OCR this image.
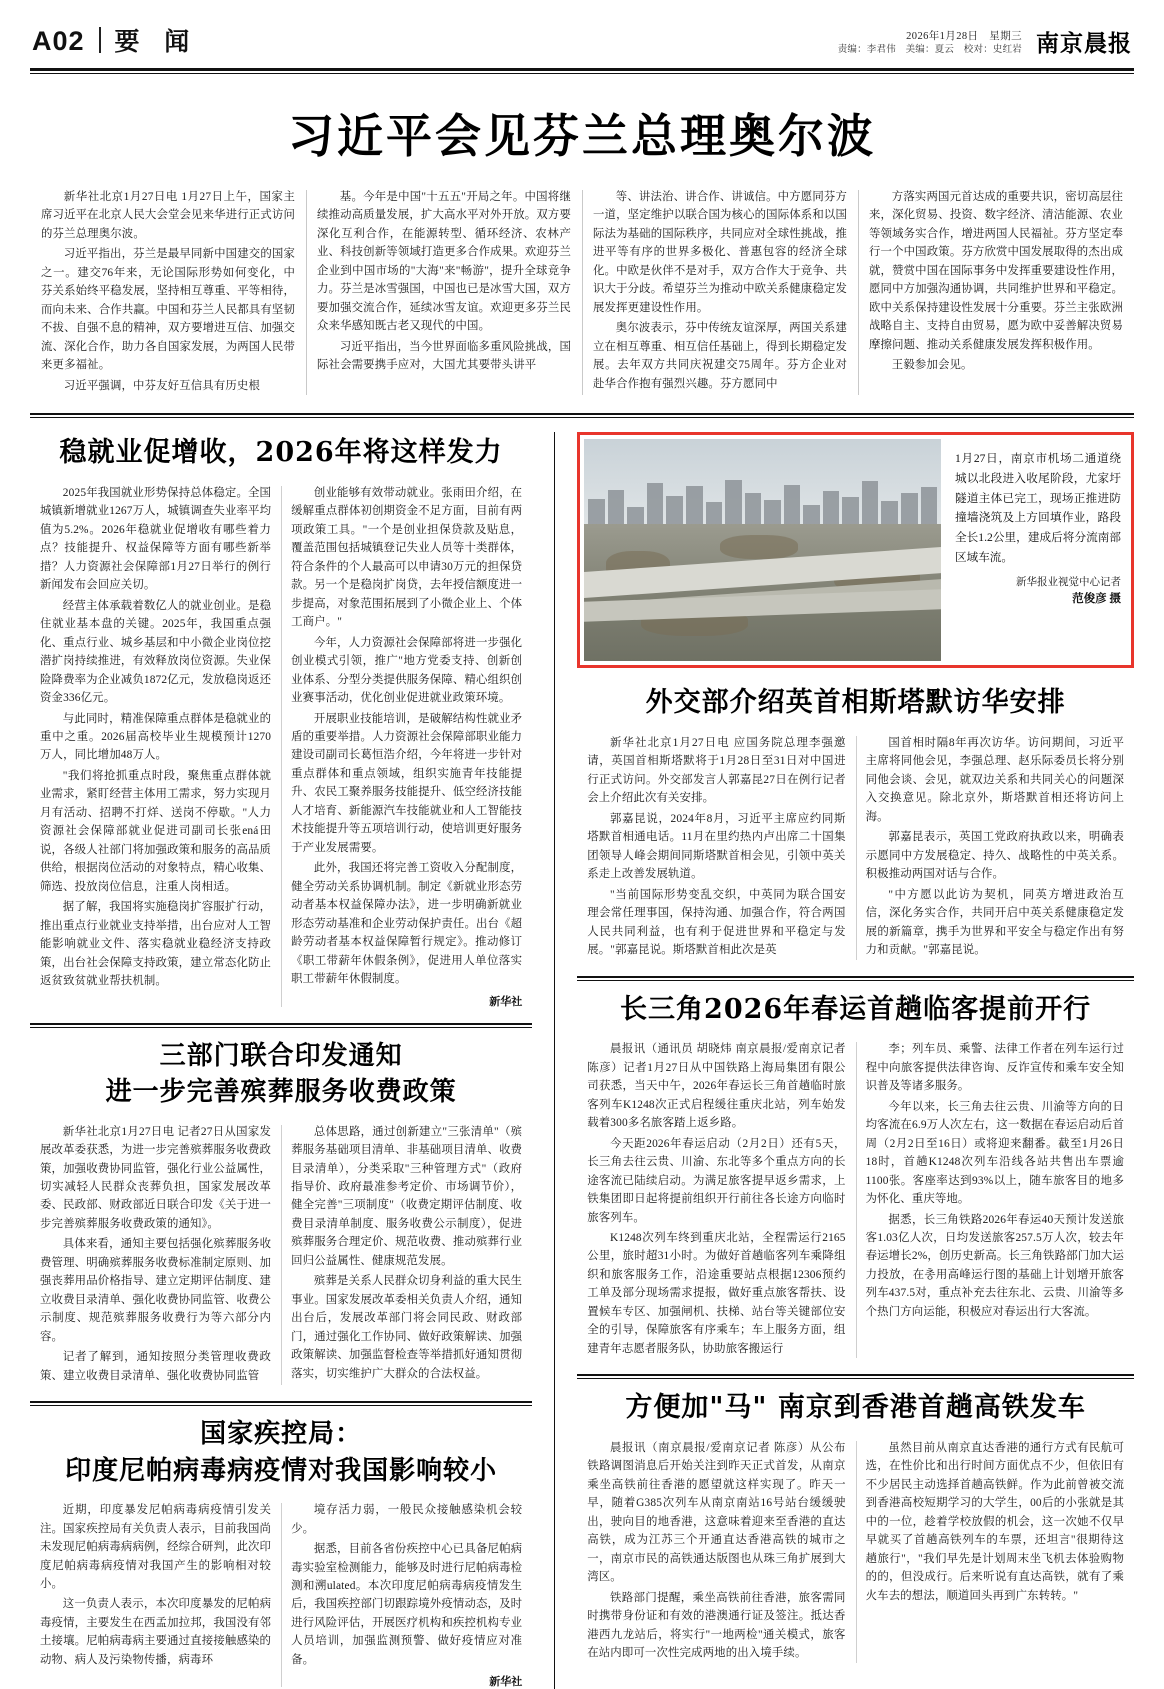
A02 要 闻	2026年1月28日　星期三
责编：李君伟　美编：夏云　校对：史红岩 南京晨报
习近平会见芬兰总理奥尔波

新华社北京1月27日电 1月27日上午，国家主席习近平在北京人民大会堂会见来华进行正式访问的芬兰总理奥尔波。

习近平指出，芬兰是最早同新中国建交的国家之一。建交76年来，无论国际形势如何变化，中芬关系始终平稳发展，坚持相互尊重、平等相待，而向未来、合作共赢。中国和芬兰人民都具有坚韧不拔、自强不息的精神，双方要增进互信、加强交流、深化合作，助力各自国家发展，为两国人民带来更多福祉。

习近平强调，中芬友好互信具有历史根

基。今年是中国"十五五"开局之年。中国将继续推动高质量发展，扩大高水平对外开放。双方要深化互利合作，在能源转型、循环经济、农林产业、科技创新等领域打造更多合作成果。欢迎芬兰企业到中国市场的"大海"来"畅游"，提升全球竞争力。芬兰是冰雪强国，中国也已是冰雪大国，双方要加强交流合作，延续冰雪友谊。欢迎更多芬兰民众来华感知既古老又现代的中国。

习近平指出，当今世界面临多重风险挑战，国际社会需要携手应对，大国尤其要带头讲平

等、讲法治、讲合作、讲诚信。中方愿同芬方一道，坚定维护以联合国为核心的国际体系和以国际法为基础的国际秩序，共同应对全球性挑战，推进平等有序的世界多极化、普惠包容的经济全球化。中欧是伙伴不是对手，双方合作大于竞争、共识大于分歧。希望芬兰为推动中欧关系健康稳定发展发挥更建设性作用。

奥尔波表示，芬中传统友谊深厚，两国关系建立在相互尊重、相互信任基础上，得到长期稳定发展。去年双方共同庆祝建交75周年。芬方企业对赴华合作抱有强烈兴趣。芬方愿同中

方落实两国元首达成的重要共识，密切高层往来，深化贸易、投资、数字经济、清洁能源、农业等领域务实合作，增进两国人民福祉。芬方坚定奉行一个中国政策。芬方欣赏中国发展取得的杰出成就，赞赏中国在国际事务中发挥重要建设性作用，愿同中方加强沟通协调，共同维护世界和平稳定。欧中关系保持建设性发展十分重要。芬兰主张欧洲战略自主、支持自由贸易，愿为欧中妥善解决贸易摩擦问题、推动关系健康发展发挥积极作用。

王毅参加会见。

稳就业促增收，2026年将这样发力

2025年我国就业形势保持总体稳定。全国城镇新增就业1267万人，城镇调查失业率平均值为5.2%。2026年稳就业促增收有哪些着力点？技能提升、权益保障等方面有哪些新举措？人力资源社会保障部1月27日举行的例行新闻发布会回应关切。

经营主体承载着数亿人的就业创业。是稳住就业基本盘的关键。2025年，我国重点强化、重点行业、城乡基层和中小微企业岗位挖潜扩岗持续推进，有效释放岗位资源。失业保险降费率为企业减负1872亿元，发放稳岗返还资金336亿元。

与此同时，精准保障重点群体是稳就业的重中之重。2026届高校毕业生规模预计1270万人，同比增加48万人。

"我们将抢抓重点时段，聚焦重点群体就业需求，紧盯经营主体用工需求，努力实现月月有活动、招聘不打烊、送岗不停歇。"人力资源社会保障部就业促进司副司长张ená田说，各级人社部门将加强政策和服务的高品质供给，根据岗位活动的对象特点，精心收集、筛选、投放岗位信息，注重人岗相适。

据了解，我国将实施稳岗扩容服扩行动，推出重点行业就业支持举措，出台应对人工智能影响就业文件、落实稳就业稳经济支持政策，出台社会保障支持政策，建立常态化防止返贫致贫就业帮扶机制。

创业能够有效带动就业。张雨田介绍，在缓解重点群体初创期资金不足方面，目前有两项政策工具。"一个是创业担保贷款及贴息，覆盖范围包括城镇登记失业人员等十类群体，符合条件的个人最高可以申请30万元的担保贷款。另一个是稳岗扩岗贷，去年授信额度进一步提高，对象范围拓展到了小微企业上、个体工商户。"

今年，人力资源社会保障部将进一步强化创业模式引领，推广"地方党委支持、创新创业体系、分型分类提供服务保障、精心组织创业赛事活动，优化创业促进就业政策环境。

开展职业技能培训，是破解结构性就业矛盾的重要举措。人力资源社会保障部职业能力建设司副司长葛恒浩介绍，今年将进一步针对重点群体和重点领域，组织实施青年技能提升、农民工聚养服务技能提升、低空经济技能人才培育、新能源汽车技能就业和人工智能技术技能提升等五项培训行动，使培训更好服务于产业发展需要。

此外，我国还将完善工资收入分配制度，健全劳动关系协调机制。制定《新就业形态劳动者基本权益保障办法》，进一步明确新就业形态劳动基准和企业劳动保护责任。出台《超龄劳动者基本权益保障暂行规定》。推动修订《职工带薪年休假条例》，促进用人单位落实职工带薪年休假制度。

新华社
三部门联合印发通知
进一步完善殡葬服务收费政策

新华社北京1月27日电 记者27日从国家发展改革委获悉，为进一步完善殡葬服务收费政策，加强收费协同监管，强化行业公益属性，切实减轻人民群众丧葬负担，国家发展改革委、民政部、财政部近日联合印发《关于进一步完善殡葬服务收费政策的通知》。

具体来看，通知主要包括强化殡葬服务收费管理、明确殡葬服务收费标准制定原则、加强丧葬用品价格指导、建立定期评估制度、建立收费目录清单、强化收费协同监管、收费公示制度、规范殡葬服务收费行为等六部分内容。

记者了解到，通知按照分类管理收费政策、建立收费目录清单、强化收费协同监管

总体思路，通过创新建立"三张清单"（殡葬服务基础项目清单、非基础项目清单、收费目录清单），分类采取"三种管理方式"（政府指导价、政府最准参考定价、市场调节价），健全完善"三项制度"（收费定期评估制度、收费目录清单制度、服务收费公示制度），促进殡葬服务合理定价、规范收费、推动殡葬行业回归公益属性、健康规范发展。

殡葬是关系人民群众切身利益的重大民生事业。国家发展改革委相关负责人介绍，通知出台后，发展改革部门将会同民政、财政部门，通过强化工作协同、做好政策解读、加强政策解读、加强监督检查等举措抓好通知贯彻落实，切实维护广大群众的合法权益。

国家疾控局：
印度尼帕病毒病疫情对我国影响较小

近期，印度暴发尼帕病毒病疫情引发关注。国家疾控局有关负责人表示，目前我国尚未发现尼帕病毒病病例，经综合研判，此次印度尼帕病毒病疫情对我国产生的影响相对较小。

这一负责人表示，本次印度暴发的尼帕病毒疫情，主要发生在西孟加拉邦，我国没有邻土接壤。尼帕病毒病主要通过直接接触感染的动物、病人及污染物传播，病毒环

境存活力弱，一般民众接触感染机会较少。

据悉，目前各省份疾控中心已具备尼帕病毒实验室检测能力，能够及时进行尼帕病毒检测和溯ulated。本次印度尼帕病毒病疫情发生后，我国疾控部门切跟踪境外疫情动态，及时进行风险评估，开展医疗机构和疾控机构专业人员培训，加强监测预警、做好疫情应对准备。

新华社
1月27日，南京市机场二通道绕城以北段进入收尾阶段，尤家圩隧道主体已完工，现场正推进防撞墙浇筑及上方回填作业，路段全长1.2公里，建成后将分流南部区域车流。
新华报业视觉中心记者
范俊彦 摄
外交部介绍英首相斯塔默访华安排

新华社北京1月27日电 应国务院总理李强邀请，英国首相斯塔默将于1月28日至31日对中国进行正式访问。外交部发言人郭嘉昆27日在例行记者会上介绍此次有关安排。

郭嘉昆说，2024年8月，习近平主席应约同斯塔默首相通电话。11月在里约热内卢出席二十国集团领导人峰会期间同斯塔默首相会见，引领中英关系走上改善发展轨道。

"当前国际形势变乱交织，中英同为联合国安理会常任理事国，保持沟通、加强合作，符合两国人民共同利益，也有利于促进世界和平稳定与发展。"郭嘉昆说。斯塔默首相此次是英

国首相时隔8年再次访华。访问期间，习近平主席将同他会见，李强总理、赵乐际委员长将分别同他会谈、会见，就双边关系和共同关心的问题深入交换意见。除北京外，斯塔默首相还将访问上海。

郭嘉昆表示，英国工党政府执政以来，明确表示愿同中方发展稳定、持久、战略性的中英关系。积极推动两国对话与合作。

"中方愿以此访为契机，同英方增进政治互信，深化务实合作，共同开启中英关系健康稳定发展的新篇章，携手为世界和平安全与稳定作出有努力和贡献。"郭嘉昆说。

长三角2026年春运首趟临客提前开行

晨报讯（通讯员 胡晓炜 南京晨报/爱南京记者 陈彦）记者1月27日从中国铁路上海局集团有限公司获悉，当天中午，2026年春运长三角首趟临时旅客列车K1248次正式启程缓往重庆北站，列车始发载着300多名旅客踏上返乡路。

今天距2026年春运启动（2月2日）还有5天，长三角去往云贵、川渝、东北等多个重点方向的长途客流已陆续启动。为满足旅客提早返乡需求，上铁集团即日起将提前组织开行前往各长途方向临时旅客列车。

K1248次列车终到重庆北站，全程需运行2165公里，旅时超31小时。为做好首趟临客列车乘降组织和旅客服务工作，沿途重要站点根据12306预约工单及部分现场需求提报，做好重点旅客帮扶、设置候车专区、加强闸机、扶梯、站台等关键部位安全的引导，保障旅客有序乘车；车上服务方面，组建青年志愿者服务队，协助旅客搬运行

李；列车员、乘警、法律工作者在列车运行过程中向旅客提供法律咨询、反诈宣传和乘车安全知识普及等诸多服务。

今年以来，长三角去往云贵、川渝等方向的日均客流在6.9万人次左右，这一数据在春运启动后首周（2月2日至16日）或将迎来翻番。截至1月26日18时，首趟K1248次列车沿线各站共售出车票逾1100张。客座率达到93%以上，随车旅客目的地多为怀化、重庆等地。

据悉，长三角铁路2026年春运40天预计发送旅客1.03亿人次，日均发送旅客257.5万人次，较去年春运增长2%，创历史新高。长三角铁路部门加大运力投放，在총用高峰运行图的基础上计划增开旅客列车437.5对，重点补充去往东北、云贵、川渝等多个热门方向运能，积极应对春运出行大客流。

方便加"马" 南京到香港首趟高铁发车

晨报讯（南京晨报/爱南京记者 陈彦）从公布铁路调图消息后开始关注到昨天正式首发，从南京乘坐高铁前往香港的愿望就这样实现了。昨天一早，随着G385次列车从南京南站16号站台缓缓驶出，驶向目的地香港，这意味着迎来至香港的直达高铁，成为江苏三个开通直达香港高铁的城市之一，南京市民的高铁通达版图也从珠三角扩展到大湾区。

铁路部门提醒，乘坐高铁前往香港，旅客需同时携带身份证和有效的港澳通行证及签注。抵达香港西九龙站后，将实行"一地两检"通关模式，旅客在站内即可一次性完成两地的出入境手续。

虽然目前从南京直达香港的通行方式有民航可选，在性价比和出行时间方面优点不少，但依旧有不少居民主动选择首趟高铁鲜。作为此前曾被交流到香港高校短期学习的大学生，00后的小张就是其中的一位，趁着学校放假的机会，这一次她不仅早早就买了首趟高铁列车的车票，还坦言"很期待这趟旅行"，"我们早先是计划周末坐飞机去体验购物的的，但没成行。后来听说有直达高铁，就有了乘火车去的想法，顺道回头再到广东转转。"
